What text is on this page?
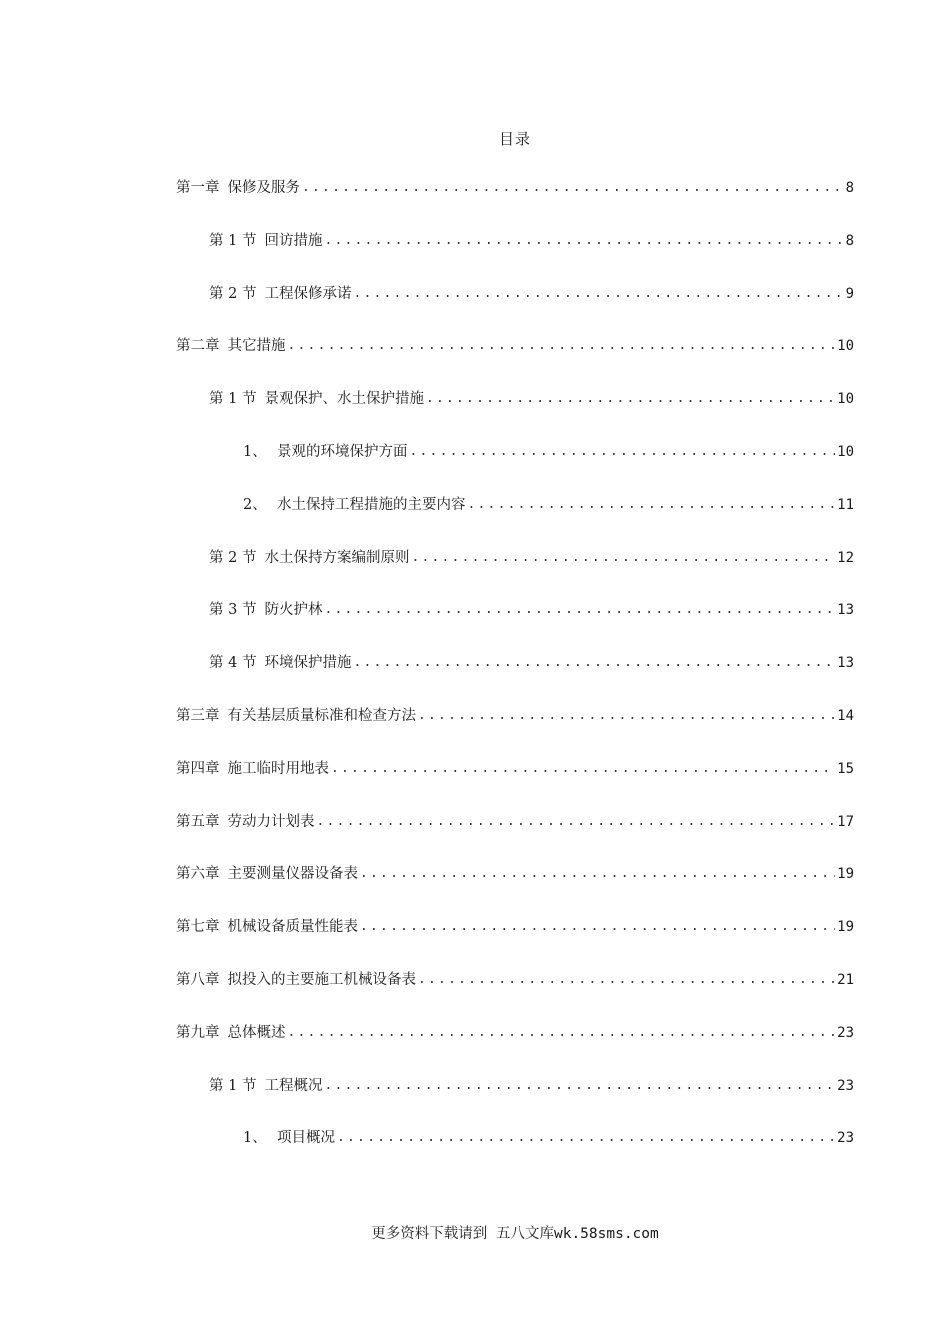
目录
第一章 保修及服务 .....	8
第 1 节 回访措施 .....	8
第 2 节 工程保修承诺 .....	9
第二章 其它措施 .....	10
第 1 节 景观保护、水土保护措施 .....	10
1、 景观的环境保护方面 .....	10
2、 水土保持工程措施的主要内容 .....	11
第 2 节 水土保持方案编制原则 .....	12
第 3 节 防火护林 .....	13
第 4 节 环境保护措施 .....	13
第三章 有关基层质量标准和检查方法 .....	14
第四章 施工临时用地表 .....	15
第五章 劳动力计划表 .....	17
第六章 主要测量仪器设备表 .....	19
第七章 机械设备质量性能表 .....	19
第八章 拟投入的主要施工机械设备表 .....	21
第九章 总体概述 .....	23
第 1 节 工程概况 .....	23
1、 项目概况 .....	23
更多资料下载请到 五八文库wk.58sms.com
